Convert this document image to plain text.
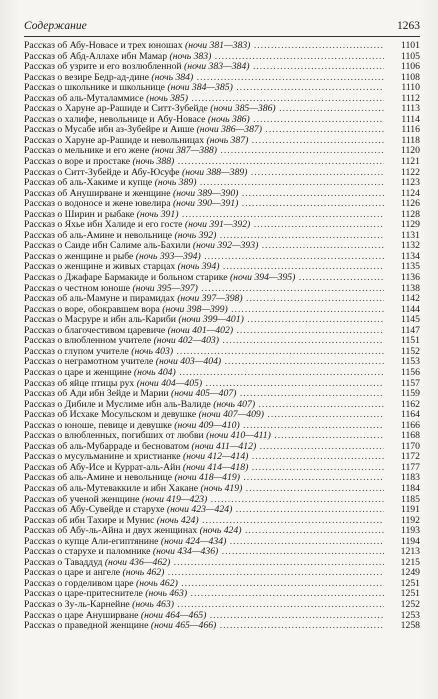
Содержание	1263
Рассказ об Абу-Новасе и трех юношах (ночи 381—383) .....	1101
Рассказ об Абд-Аллахе ибн Мамар (ночь 383) .....	1105
Рассказ об узрите и его возлюбленной (ночи 383—384) .....	1106
Рассказ о везире Бедр-ад-дине (ночь 384) .....	1108
Рассказ о школьнике и школьнице (ночи 384—385) .....	1110
Рассказ об аль-Муталаммисе (ночь 385) .....	1112
Рассказ о Харуне ар-Рашиде и Ситт-Зубейде (ночи 385—386) .....	1113
Рассказ о халифе, невольнице и Абу-Новасе (ночь 386) .....	1114
Рассказ о Мусабе ибн аз-Зубейре и Аише (ночи 386—387) .....	1116
Рассказ о Харуне ар-Рашиде и невольницах (ночь 387) .....	1118
Рассказ о мельнике и его жене (ночи 387—388) .....	1120
Рассказ о воре и простаке (ночь 388) .....	1121
Рассказ о Ситт-Зубейде и Абу-Юсуфе (ночи 388—389) .....	1122
Рассказ об аль-Хакиме и купце (ночь 389) .....	1123
Рассказ об Ануширване и женщине (ночи 389—390) .....	1124
Рассказ о водоносе и жене ювелира (ночи 390—391) .....	1126
Рассказ о Ширин и рыбаке (ночь 391) .....	1128
Рассказ о Яхье ибн Халиде и его госте (ночи 391—392) .....	1129
Рассказ об аль-Амине и невольнице (ночь 392) .....	1131
Рассказ о Саиде ибн Салиме аль-Бахили (ночи 392—393) .....	1132
Рассказ о женщине и рыбе (ночь 393—394) .....	1134
Рассказ о женщине и живых старцах (ночь 394) .....	1135
Рассказ о Джафаре Бармакиде и больном старике (ночи 394—395) .....	1136
Рассказ о честном юноше (ночи 395—397) .....	1138
Рассказ об аль-Мамуне и пирамидах (ночи 397—398) .....	1142
Рассказ о воре, обокравшем вора (ночи 398—399) .....	1144
Рассказ о Масруре и ибн аль-Кариби (ночи 399—401) .....	1145
Рассказ о благочестивом царевиче (ночи 401—402) .....	1147
Рассказ о влюбленном учителе (ночи 402—403) .....	1151
Рассказ о глупом учителе (ночь 403) .....	1152
Рассказ о неграмотном учителе (ночи 403—404) .....	1153
Рассказ о царе и женщине (ночь 404) .....	1156
Рассказ об яйце птицы рух (ночи 404—405) .....	1157
Рассказ об Ади ибн Зейде и Марии (ночи 405—407) .....	1159
Рассказ о Дибиле и Муслиме ибн аль-Валиде (ночь 407) .....	1162
Рассказ об Исхаке Мосульском и девушке (ночи 407—409) .....	1164
Рассказ о юноше, певице и девушке (ночи 409—410) .....	1166
Рассказ о влюбленных, погибших от любви (ночи 410—411) .....	1168
Рассказ об аль-Мубарраде и бесноватом (ночи 411—412) .....	1170
Рассказ о мусульманине и христианке (ночи 412—414) .....	1172
Рассказ об Абу-Исе и Куррат-аль-Айн (ночи 414—418) .....	1177
Рассказ об аль-Амине и невольнице (ночи 418—419) .....	1183
Рассказ об аль-Мутеваккиле и ибн Хакане (ночь 419) .....	1184
Рассказ об ученой женщине (ночи 419—423) .....	1185
Рассказ об Абу-Сувейде и старухе (ночи 423—424) .....	1191
Рассказ об ибн Тахире и Мунис (ночь 424) .....	1192
Рассказ об Абу-ль-Айна и двух женщинах (ночь 424) .....	1193
Рассказ о купце Али-египтянине (ночи 424—434) .....	1194
Рассказ о старухе и паломнике (ночи 434—436) .....	1213
Рассказ о Таваддуд (ночи 436—462) .....	1215
Рассказ о царе и ангеле (ночь 462) .....	1249
Рассказ о горделивом царе (ночь 462) .....	1251
Рассказ о царе-притеснителе (ночь 463) .....	1251
Рассказ о Зу-ль-Карнейне (ночь 463) .....	1252
Рассказ о царе Ануширване (ночи 464—465) .....	1253
Рассказ о праведной женщине (ночи 465—466) .....	1258
